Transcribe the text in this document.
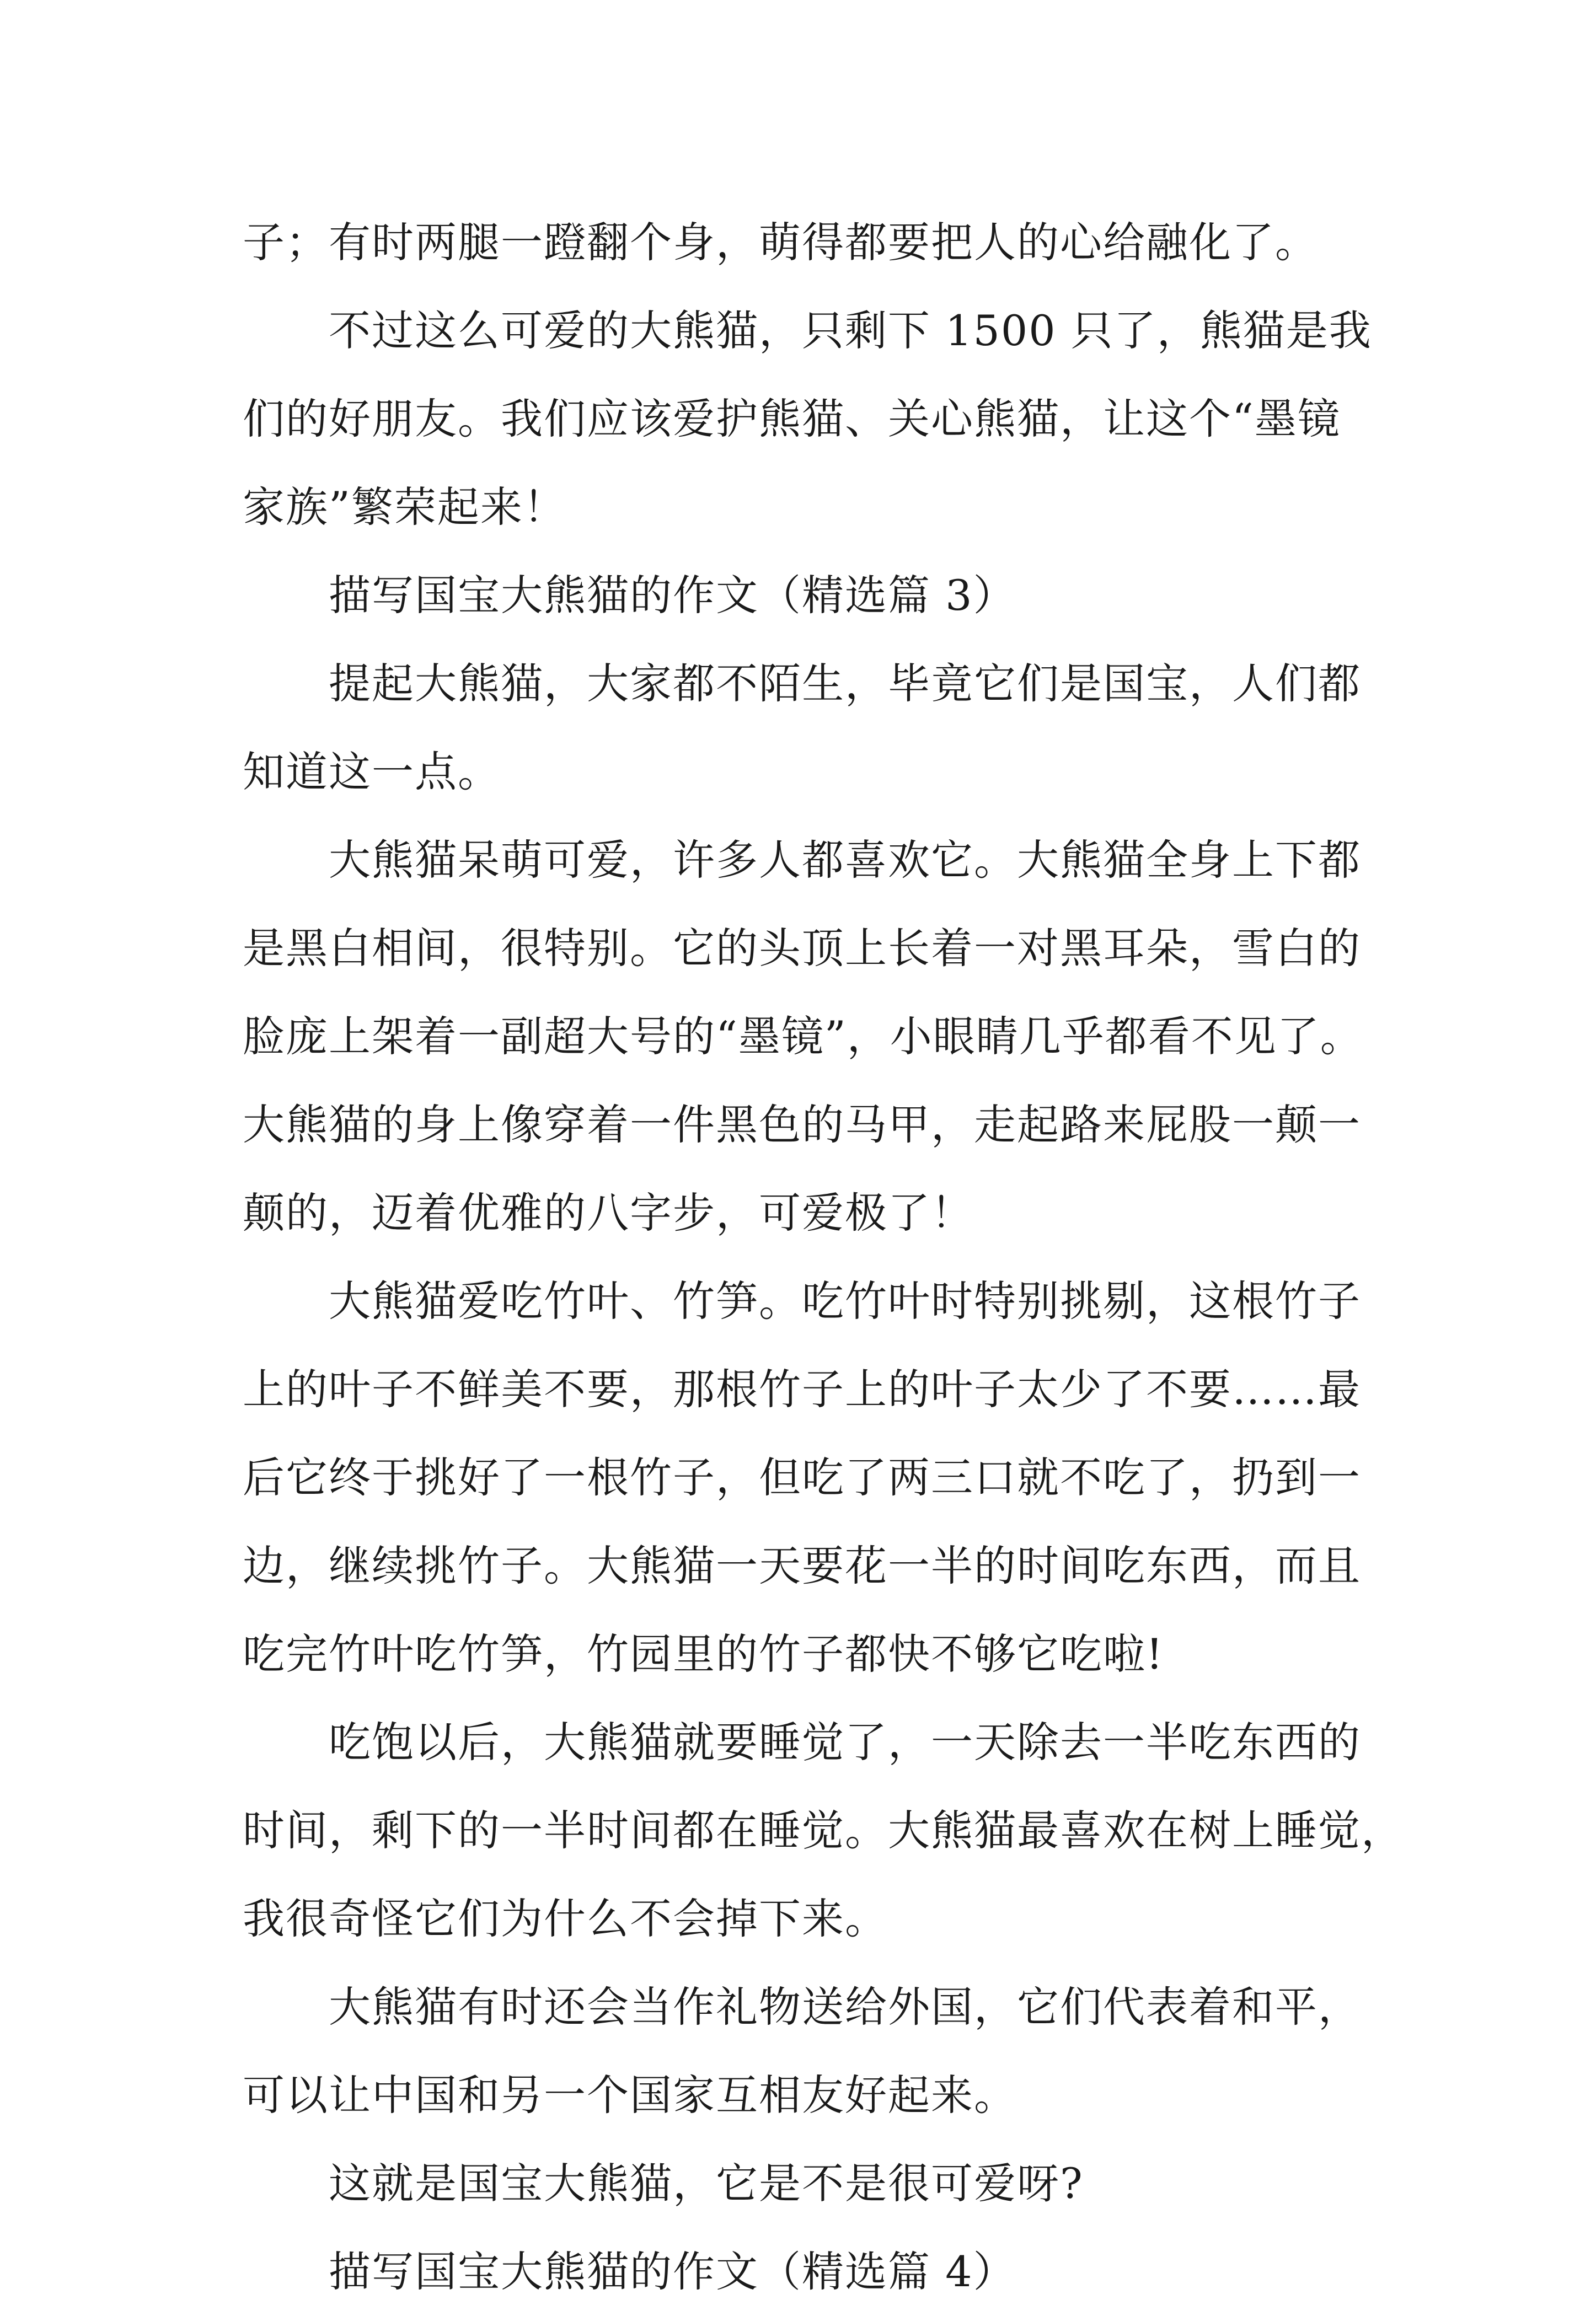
子；有时两腿一蹬翻个身，萌得都要把人的心给融化了。
不过这么可爱的大熊猫，只剩下 1500 只了，熊猫是我
们的好朋友。我们应该爱护熊猫、关心熊猫，让这个“墨镜
家族”繁荣起来！
描写国宝大熊猫的作文（精选篇 3）
提起大熊猫，大家都不陌生，毕竟它们是国宝，人们都
知道这一点。
大熊猫呆萌可爱，许多人都喜欢它。大熊猫全身上下都
是黑白相间，很特别。它的头顶上长着一对黑耳朵，雪白的
脸庞上架着一副超大号的“墨镜”，小眼睛几乎都看不见了。
大熊猫的身上像穿着一件黑色的马甲，走起路来屁股一颠一
颠的，迈着优雅的八字步，可爱极了！
大熊猫爱吃竹叶、竹笋。吃竹叶时特别挑剔，这根竹子
上的叶子不鲜美不要，那根竹子上的叶子太少了不要……最
后它终于挑好了一根竹子，但吃了两三口就不吃了，扔到一
边，继续挑竹子。大熊猫一天要花一半的时间吃东西，而且
吃完竹叶吃竹笋，竹园里的竹子都快不够它吃啦!
吃饱以后，大熊猫就要睡觉了，一天除去一半吃东西的
时间，剩下的一半时间都在睡觉。大熊猫最喜欢在树上睡觉，
我很奇怪它们为什么不会掉下来。
大熊猫有时还会当作礼物送给外国，它们代表着和平，
可以让中国和另一个国家互相友好起来。
这就是国宝大熊猫，它是不是很可爱呀?
描写国宝大熊猫的作文（精选篇 4）
